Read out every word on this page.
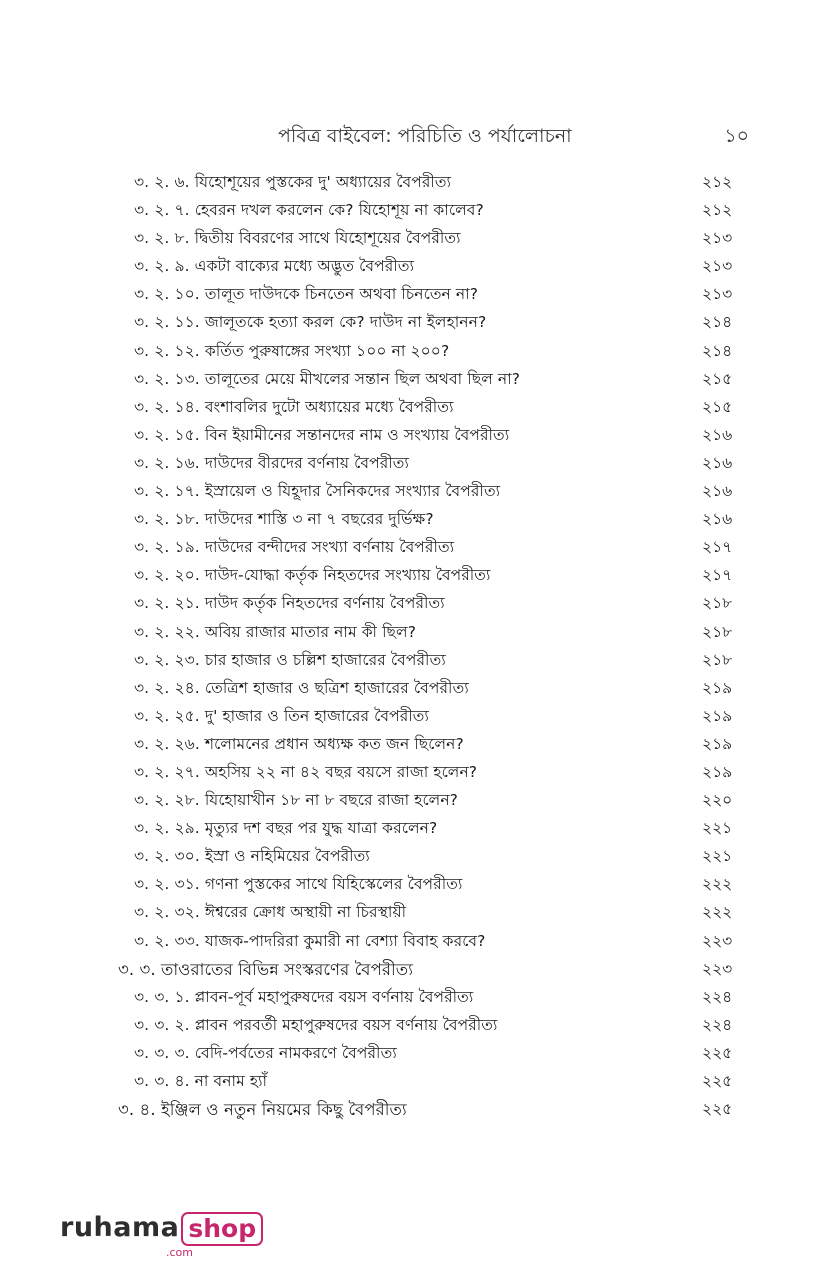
পবিত্র বাইবেল: পরিচিতি ও পর্যালোচনা	১০
৩. ২. ৬. যিহোশূয়ের পুস্তকের দু' অধ্যায়ের বৈপরীত্য	২১২
৩. ২. ৭. হেবরন দখল করলেন কে? যিহোশূয় না কালেব?	২১২
৩. ২. ৮. দ্বিতীয় বিবরণের সাথে যিহোশূয়ের বৈপরীত্য	২১৩
৩. ২. ৯. একটা বাক্যের মধ্যে অদ্ভুত বৈপরীত্য	২১৩
৩. ২. ১০. তালূত দাউদকে চিনতেন অথবা চিনতেন না?	২১৩
৩. ২. ১১. জালূতকে হত্যা করল কে? দাউদ না ইলহানন?	২১৪
৩. ২. ১২. কর্তিত পুরুষাঙ্গের সংখ্যা ১০০ না ২০০?	২১৪
৩. ২. ১৩. তালূতের মেয়ে মীখলের সন্তান ছিল অথবা ছিল না?	২১৫
৩. ২. ১৪. বংশাবলির দুটো অধ্যায়ের মধ্যে বৈপরীত্য	২১৫
৩. ২. ১৫. বিন ইয়ামীনের সন্তানদের নাম ও সংখ্যায় বৈপরীত্য	২১৬
৩. ২. ১৬. দাউদের বীরদের বর্ণনায় বৈপরীত্য	২১৬
৩. ২. ১৭. ইস্রায়েল ও যিহূদার সৈনিকদের সংখ্যার বৈপরীত্য	২১৬
৩. ২. ১৮. দাউদের শাস্তি ৩ না ৭ বছরের দুর্ভিক্ষ?	২১৬
৩. ২. ১৯. দাউদের বন্দীদের সংখ্যা বর্ণনায় বৈপরীত্য	২১৭
৩. ২. ২০. দাউদ-যোদ্ধা কর্তৃক নিহতদের সংখ্যায় বৈপরীত্য	২১৭
৩. ২. ২১. দাউদ কর্তৃক নিহতদের বর্ণনায় বৈপরীত্য	২১৮
৩. ২. ২২. অবিয় রাজার মাতার নাম কী ছিল?	২১৮
৩. ২. ২৩. চার হাজার ও চল্লিশ হাজারের বৈপরীত্য	২১৮
৩. ২. ২৪. তেত্রিশ হাজার ও ছত্রিশ হাজারের বৈপরীত্য	২১৯
৩. ২. ২৫. দু' হাজার ও তিন হাজারের বৈপরীত্য	২১৯
৩. ২. ২৬. শলোমনের প্রধান অধ্যক্ষ কত জন ছিলেন?	২১৯
৩. ২. ২৭. অহসিয় ২২ না ৪২ বছর বয়সে রাজা হলেন?	২১৯
৩. ২. ২৮. যিহোয়াখীন ১৮ না ৮ বছরে রাজা হলেন?	২২০
৩. ২. ২৯. মৃত্যুর দশ বছর পর যুদ্ধ যাত্রা করলেন?	২২১
৩. ২. ৩০. ইস্রা ও নহিমিয়ের বৈপরীত্য	২২১
৩. ২. ৩১. গণনা পুস্তকের সাথে যিহিস্কেলের বৈপরীত্য	২২২
৩. ২. ৩২. ঈশ্বরের ক্রোধ অস্থায়ী না চিরস্থায়ী	২২২
৩. ২. ৩৩. যাজক-পাদরিরা কুমারী না বেশ্যা বিবাহ করবে?	২২৩
৩. ৩. তাওরাতের বিভিন্ন সংস্করণের বৈপরীত্য	২২৩
৩. ৩. ১. প্লাবন-পূর্ব মহাপুরুষদের বয়স বর্ণনায় বৈপরীত্য	২২৪
৩. ৩. ২. প্লাবন পরবর্তী মহাপুরুষদের বয়স বর্ণনায় বৈপরীত্য	২২৪
৩. ৩. ৩. বেদি-পর্বতের নামকরণে বৈপরীত্য	২২৫
৩. ৩. ৪. না বনাম হ্যাঁ	২২৫
৩. ৪. ইঞ্জিল ও নতুন নিয়মের কিছু বৈপরীত্য	২২৫
ruhama shop
.com
